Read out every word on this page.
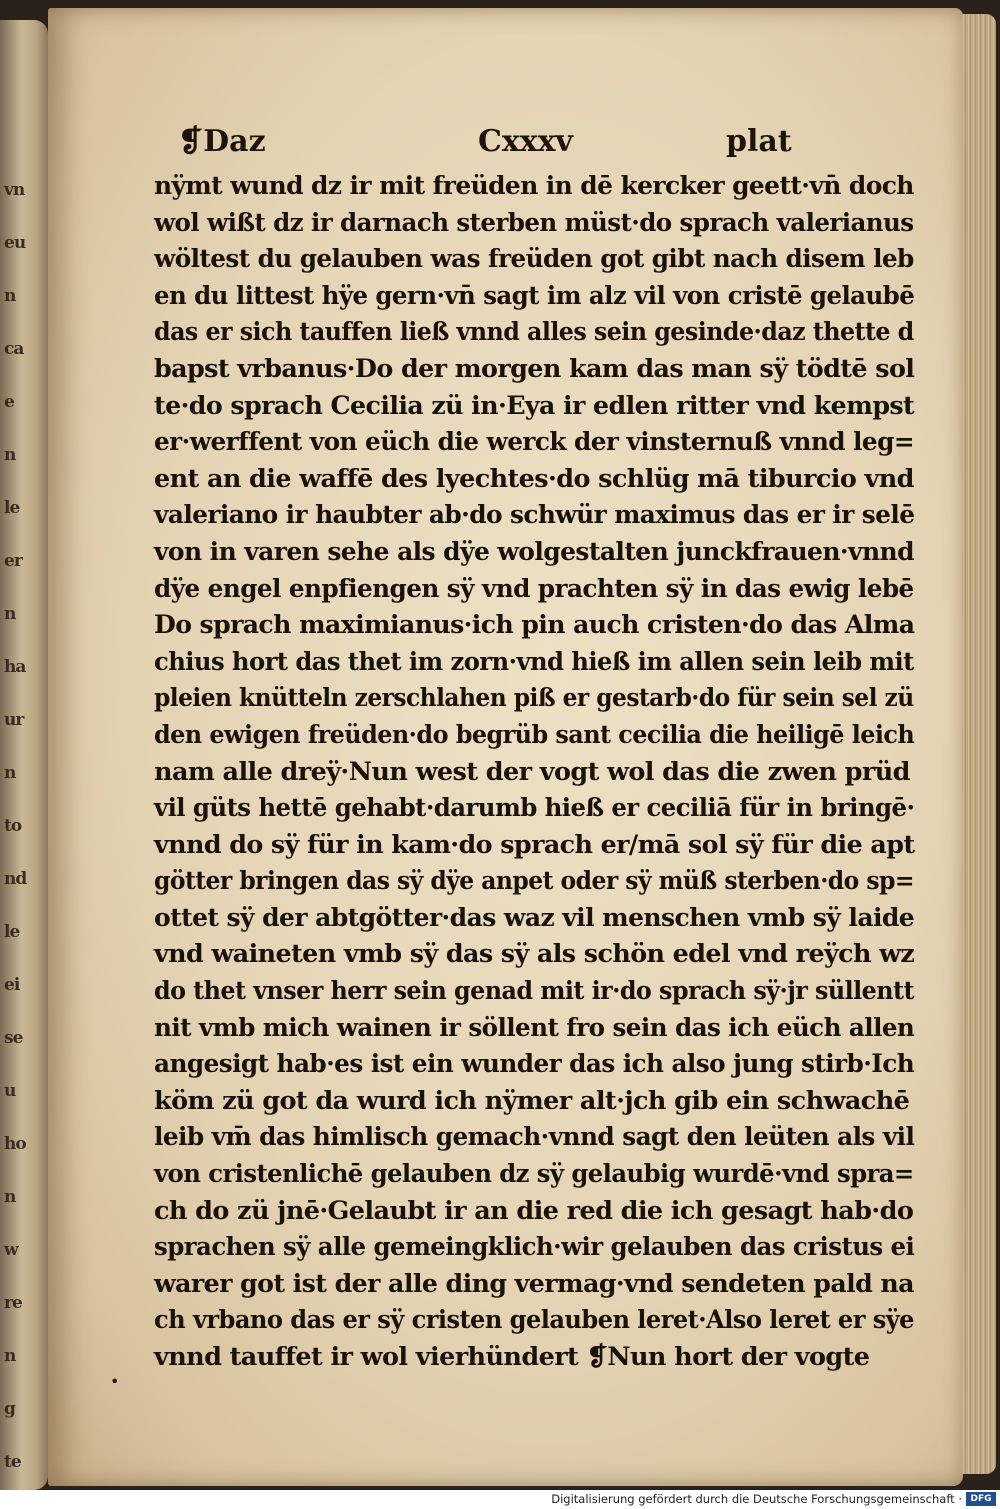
vn
eu
n
ca
e
n
le
er
n
ha
ur
n
to
nd
le
ei
se
u
ho
n
w
re
n
g
te
❡Daz	Cxxxv	plat
nÿmt wund dz ir mit freüden in dē kercker geett·vn̄ doch
wol wißt dz ir darnach sterben müst·do sprach valerianus
wöltest du gelauben was freüden got gibt nach disem leb
en du littest hÿe gern·vn̄ sagt im alz vil von cristē gelaubē
das er sich tauffen ließ vnnd alles sein gesinde·daz thette d
bapst vrbanus·Do der morgen kam das man sÿ tödtē sol
te·do sprach Cecilia zü in·Eya ir edlen ritter vnd kempst
er·werffent von eüch die werck der vinsternuß vnnd leg=
ent an die waffē des lyechtes·do schlüg mā tiburcio vnd
valeriano ir haubter ab·do schwür maximus das er ir selē
von in varen sehe als dÿe wolgestalten junckfrauen·vnnd
dÿe engel enpfiengen sÿ vnd prachten sÿ in das ewig lebē
Do sprach maximianus·ich pin auch cristen·do das Alma
chius hort das thet im zorn·vnd hieß im allen sein leib mit
pleien knütteln zerschlahen piß er gestarb·do für sein sel zü
den ewigen freüden·do begrüb sant cecilia die heiligē leich
nam alle dreÿ·Nun west der vogt wol das die zwen prüd
vil güts hettē gehabt·darumb hieß er ceciliā für in bringē·
vnnd do sÿ für in kam·do sprach er/mā sol sÿ für die apt
götter bringen das sÿ dÿe anpet oder sÿ müß sterben·do sp=
ottet sÿ der abtgötter·das waz vil menschen vmb sÿ laide
vnd waineten vmb sÿ das sÿ als schön edel vnd reÿch wz
do thet vnser herr sein genad mit ir·do sprach sÿ·jr süllentt
nit vmb mich wainen ir söllent fro sein das ich eüch allen
angesigt hab·es ist ein wunder das ich also jung stirb·Ich
köm zü got da wurd ich nÿmer alt·jch gib ein schwachē
leib vm̄ das himlisch gemach·vnnd sagt den leüten als vil
von cristenlichē gelauben dz sÿ gelaubig wurdē·vnd spra=
ch do zü jnē·Gelaubt ir an die red die ich gesagt hab·do
sprachen sÿ alle gemeingklich·wir gelauben das cristus ei
warer got ist der alle ding vermag·vnd sendeten pald na
ch vrbano das er sÿ cristen gelauben leret·Also leret er sÿe
vnnd tauffet ir wol vierhündert ❡Nun hort der vogte
•
Digitalisierung gefördert durch die Deutsche Forschungsgemeinschaft · DFG
